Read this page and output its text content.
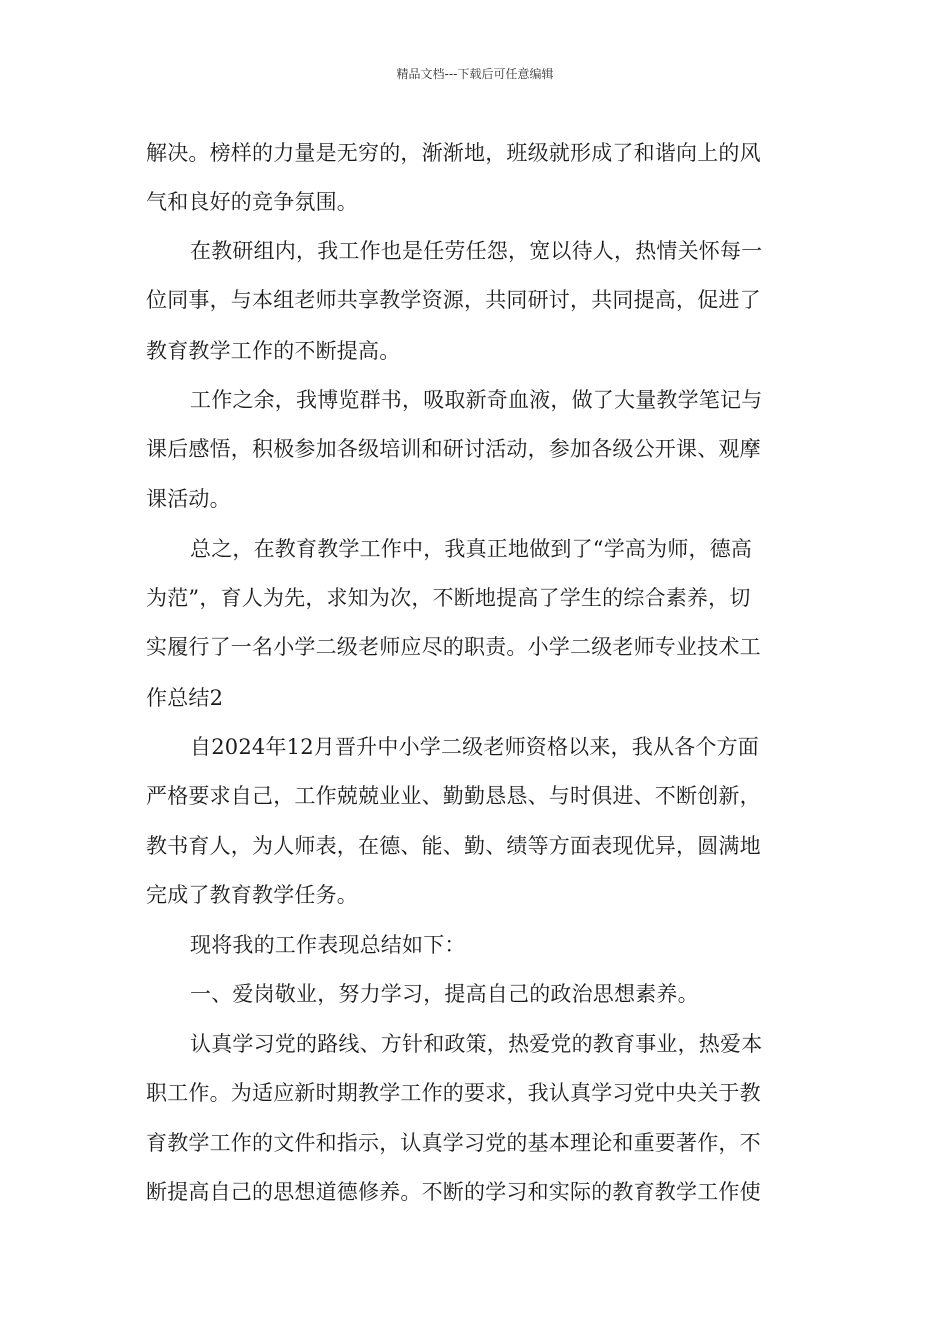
精品文档---下载后可任意编辑
解决。榜样的力量是无穷的，渐渐地，班级就形成了和谐向上的风
气和良好的竞争氛围。
在教研组内，我工作也是任劳任怨，宽以待人，热情关怀每一
位同事，与本组老师共享教学资源，共同研讨，共同提高，促进了
教育教学工作的不断提高。
工作之余，我博览群书，吸取新奇血液，做了大量教学笔记与
课后感悟，积极参加各级培训和研讨活动，参加各级公开课、观摩
课活动。
总之，在教育教学工作中，我真正地做到了“学高为师，德高
为范”，育人为先，求知为次，不断地提高了学生的综合素养，切
实履行了一名小学二级老师应尽的职责。小学二级老师专业技术工
作总结2
自2024年12月晋升中小学二级老师资格以来，我从各个方面
严格要求自己，工作兢兢业业、勤勤恳恳、与时俱进、不断创新，
教书育人，为人师表，在德、能、勤、绩等方面表现优异，圆满地
完成了教育教学任务。
现将我的工作表现总结如下：
一、爱岗敬业，努力学习，提高自己的政治思想素养。
认真学习党的路线、方针和政策，热爱党的教育事业，热爱本
职工作。为适应新时期教学工作的要求，我认真学习党中央关于教
育教学工作的文件和指示，认真学习党的基本理论和重要著作，不
断提高自己的思想道德修养。不断的学习和实际的教育教学工作使
